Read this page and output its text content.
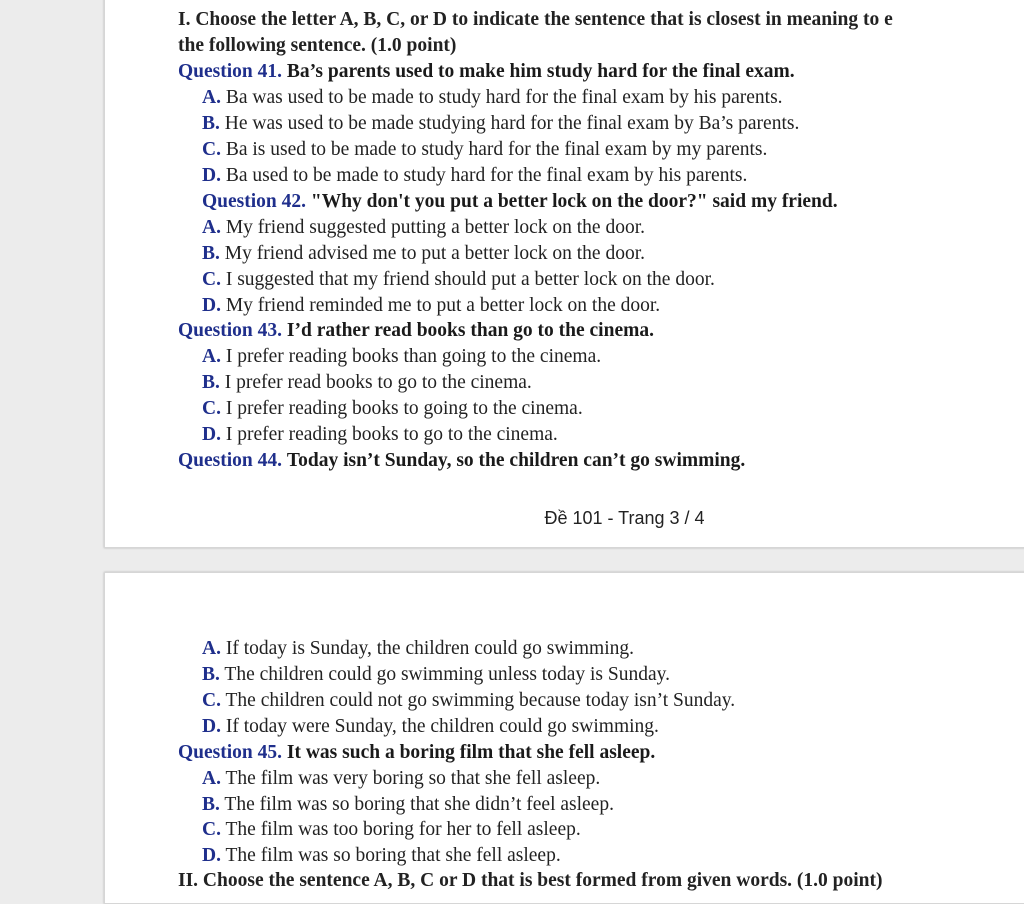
I. Choose the letter A, B, C, or D to indicate the sentence that is closest in meaning to e
the following sentence. (1.0 point)
Question 41. Ba’s parents used to make him study hard for the final exam.
A. Ba was used to be made to study hard for the final exam by his parents.
B. He was used to be made studying hard for the final exam by Ba’s parents.
C. Ba is used to be made to study hard for the final exam by my parents.
D. Ba used to be made to study hard for the final exam by his parents.
Question 42. "Why don't you put a better lock on the door?" said my friend.
A. My friend suggested putting a better lock on the door.
B. My friend advised me to put a better lock on the door.
C. I suggested that my friend should put a better lock on the door.
D. My friend reminded me to put a better lock on the door.
Question 43. I’d rather read books than go to the cinema.
A. I prefer reading books than going to the cinema.
B. I prefer read books to go to the cinema.
C. I prefer reading books to going to the cinema.
D. I prefer reading books to go to the cinema.
Question 44. Today isn’t Sunday, so the children can’t go swimming.
Đề 101 - Trang 3 / 4
A. If today is Sunday, the children could go swimming.
B. The children could go swimming unless today is Sunday.
C. The children could not go swimming because today isn’t Sunday.
D. If today were Sunday, the children could go swimming.
Question 45. It was such a boring film that she fell asleep.
A. The film was very boring so that she fell asleep.
B. The film was so boring that she didn’t feel asleep.
C. The film was too boring for her to fell asleep.
D. The film was so boring that she fell asleep.
II. Choose the sentence A, B, C or D that is best formed from given words. (1.0 point)
